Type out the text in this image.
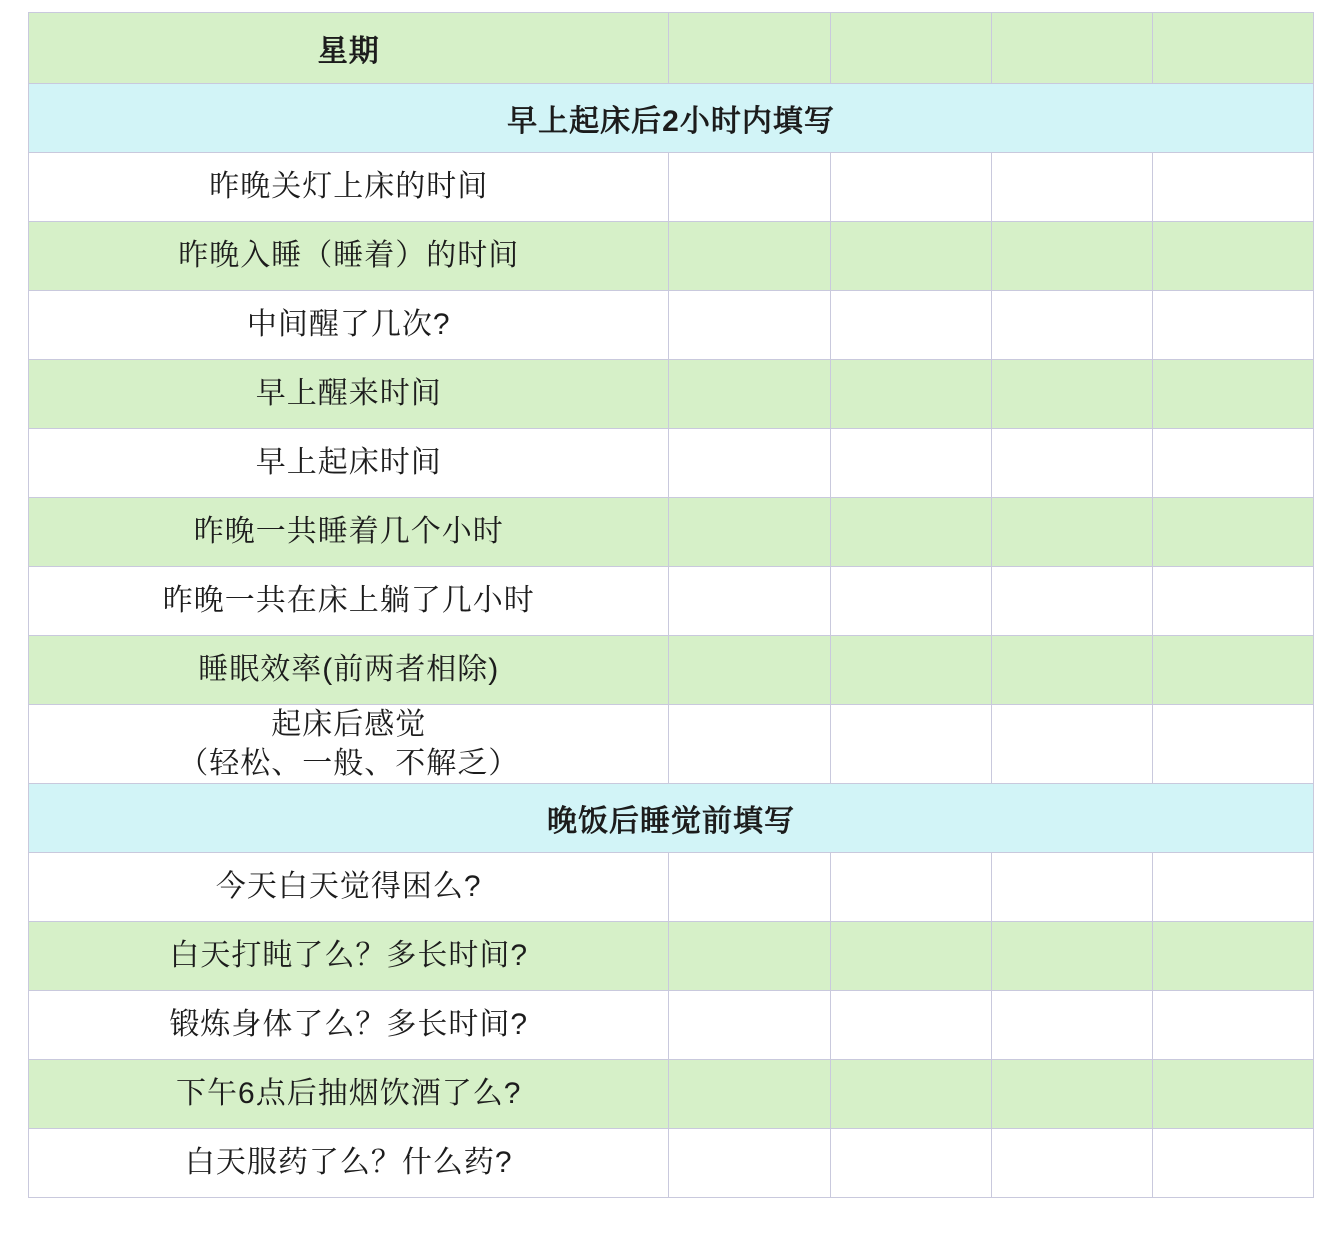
星期				
早上起床后2小时内填写				
昨晚关灯上床的时间				
昨晚入睡（睡着）的时间				
中间醒了几次?				
早上醒来时间				
早上起床时间				
昨晚一共睡着几个小时				
昨晚一共在床上躺了几小时				
睡眠效率(前两者相除)				

起床后感觉
（轻松、一般、不解乏）				

晚饭后睡觉前填写				
今天白天觉得困么?				
白天打盹了么？多长时间?				
锻炼身体了么？多长时间?				
下午6点后抽烟饮酒了么?				
白天服药了么？什么药?				
